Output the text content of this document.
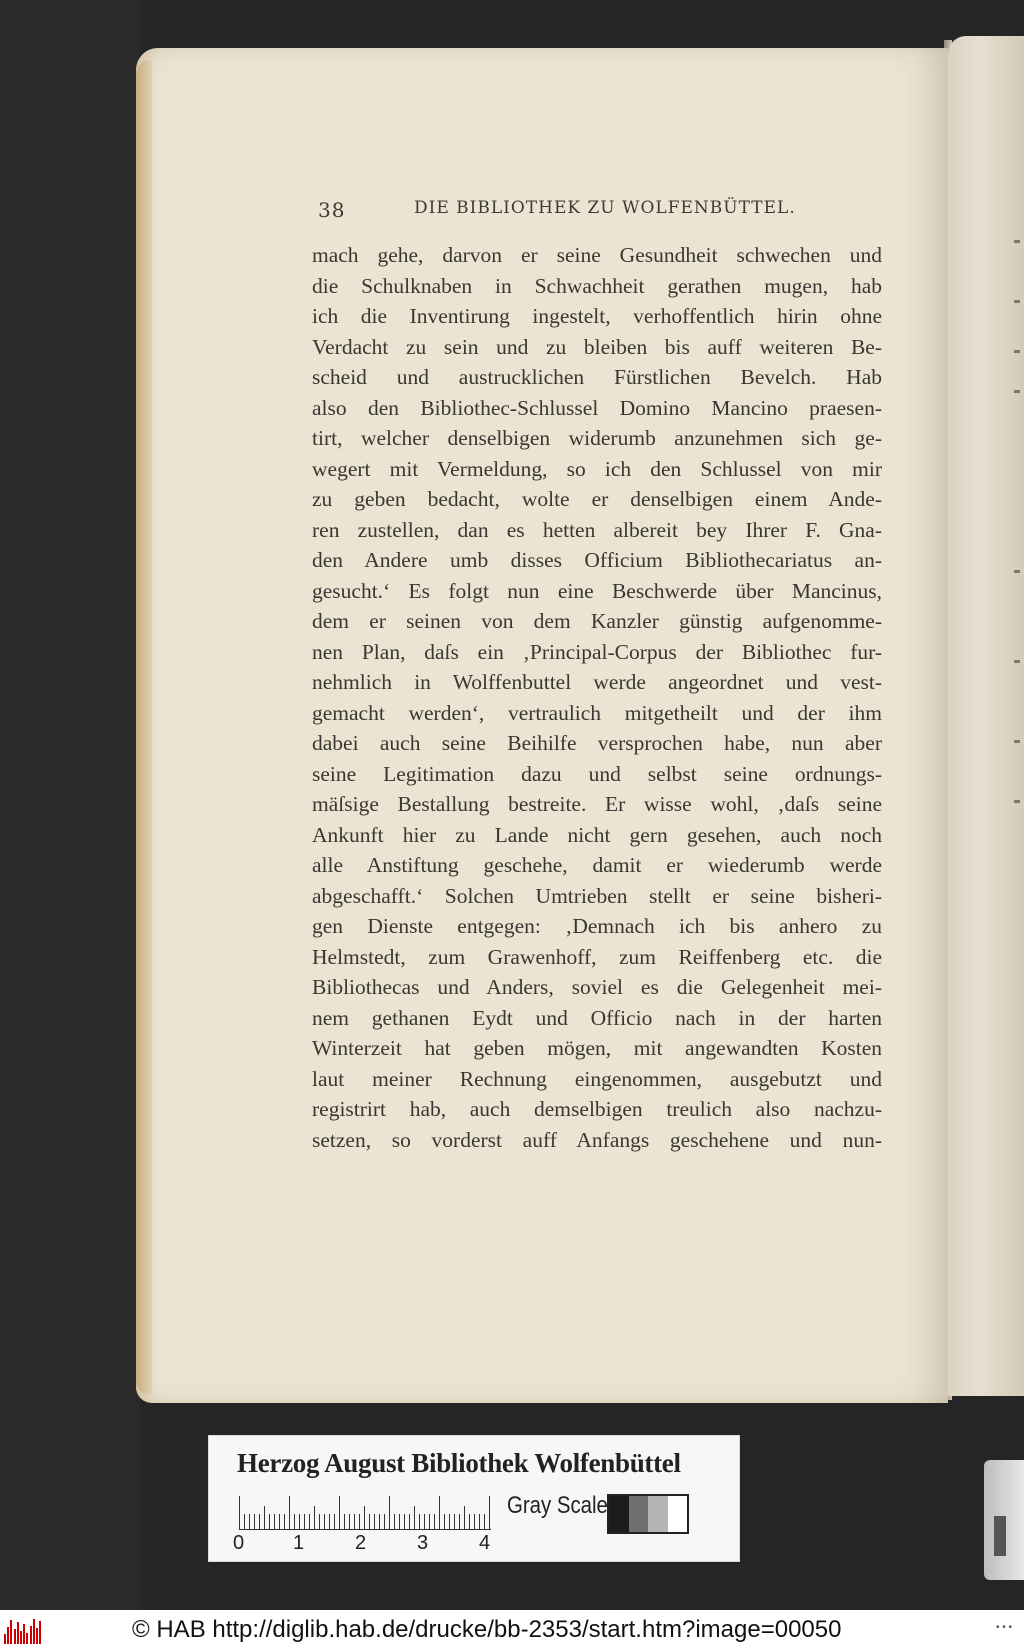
38	DIE BIBLIOTHEK ZU WOLFENBÜTTEL.
mach gehe, darvon er seine Gesundheit schwechen und
die Schulknaben in Schwachheit gerathen mugen, hab
ich die Inventirung ingestelt, verhoffentlich hirin ohne
Verdacht zu sein und zu bleiben bis auff weiteren Be-
scheid und austrucklichen Fürstlichen Bevelch. Hab
also den Bibliothec-Schlussel Domino Mancino praesen-
tirt, welcher denselbigen widerumb anzunehmen sich ge-
wegert mit Vermeldung, so ich den Schlussel von mir
zu geben bedacht, wolte er denselbigen einem Ande-
ren zustellen, dan es hetten albereit bey Ihrer F. Gna-
den Andere umb disses Officium Bibliothecariatus an-
gesucht.‘ Es folgt nun eine Beschwerde über Mancinus,
dem er seinen von dem Kanzler günstig aufgenomme-
nen Plan, daſs ein ‚Principal-Corpus der Bibliothec fur-
nehmlich in Wolffenbuttel werde angeordnet und vest-
gemacht werden‘, vertraulich mitgetheilt und der ihm
dabei auch seine Beihilfe versprochen habe, nun aber
seine Legitimation dazu und selbst seine ordnungs-
mäſsige Bestallung bestreite. Er wisse wohl, ‚daſs seine
Ankunft hier zu Lande nicht gern gesehen, auch noch
alle Anstiftung geschehe, damit er wiederumb werde
abgeschafft.‘ Solchen Umtrieben stellt er seine bisheri-
gen Dienste entgegen: ‚Demnach ich bis anhero zu
Helmstedt, zum Grawenhoff, zum Reiffenberg etc. die
Bibliothecas und Anders, soviel es die Gelegenheit mei-
nem gethanen Eydt und Officio nach in der harten
Winterzeit hat geben mögen, mit angewandten Kosten
laut meiner Rechnung eingenommen, ausgebutzt und
registrirt hab, auch demselbigen treulich also nachzu-
setzen, so vorderst auff Anfangs geschehene und nun-
Herzog August Bibliothek Wolfenbüttel
0 1	2	3	4
Gray Scale
© HAB http://diglib.hab.de/drucke/bb-2353/start.htm?image=00050	• • •
